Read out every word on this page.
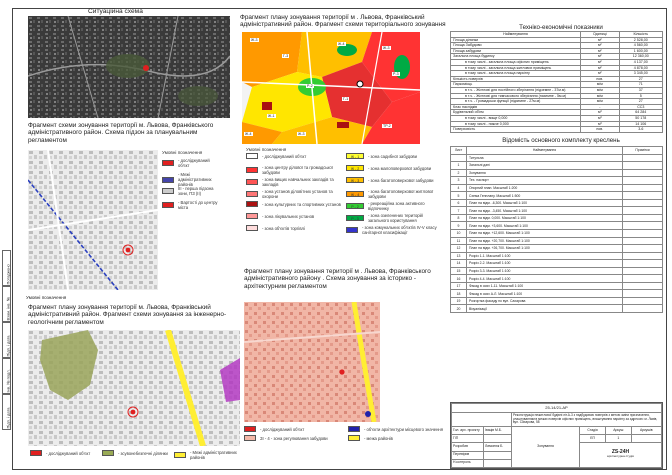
Погоджено
Взам. інв. №
Підп. і дата
Інв. № подл.
Підп. і дата
Ситуаційна схема
Фрагмент плану зонування території м . Львова, Франківський адміністративний район. Фрагмент схеми територіального зонування
Ж-3
Г-3
Р-2
Ж-4
Ж-3
Г-1
Ж-1
Р-3
ТР-2
Ж-3
Ж-4
Умовні позначення
- досліджуваний об'єкт	Ж - 1	- зона садибної забудови
- зона центру ділової та громадської забудови
Ж - 2	- зона малоповерхової забудови
- зона вищих навчальних закладів та закладів
Ж - 3	- зона багатоповерхової забудови
- зона установ діловітних установ та охорони	Ж - 4
- зона багатоповерхової житлової забудови
- зона культурних та спортивних установ
Р - 2
- рекреаційна зона активного відпочинку
- зона лікувальних установ
Р - 3
- зона озеленених територій загального користування
- зона об'єктів торгівлі	- зона комунальних об'єктів IV-V класу санітарної класифікації
Фрагмент схеми зонування території м. Львова, Франківського адміністративного район. Схема підзон за планувальним регламентом
Умовні позначення
- досліджуваний об'єкт
- Межі адміністративних районів
ІІІ - перша підзона зони, ПЗ (ІІ)
- Вартості до центру міста
Умовні позначення
Фрагмент плану зонування території м. Львова, Франківський адміністративний район. Фрагмент схеми зонування за інженерно-геологічним регламентом
- досліджуваний об'єкт	- зсувонебезпечні ділянки	- Межі адміністративних районів
Фрагмент плану зонування території м . Львова, Франківського адміністративного району . Схема зонування за історико - архітектурним регламентом
- досліджуваний об'єкт	- об'єкти архітектури місцевого значення
ЗІ - 4 - зона регулювання забудови	- межа районів
Техніко-економічні показники
Найменування	Одиниці	Кількість
Площа ділянки	м²	2 528,00
Площа Забудови	м²	4 560,00
Площа забудови	м²	1 600,00
Загальна площа будинку	м²	12 360,00
в тому числі - загальна площа офісних приміщень	м²	4 137,00
в тому числі - загальна площа житлових приміщень	м²	4 878,00
в тому числі - загальна площа паркінгу	м²	3 345,00
Кількість поверхів	пов.	27
Паркомісць	м/м	71
в т.ч. - Житлові для постійного зберігання (підземне - 37м.м)	м/м	37
в т.ч. - Житлові для тимчасового зберігання (наземне - 5м.м)	м/м	5
в т.ч. - Громадськи функції (підземне - 27м.м)	м/м	27
Клас наслідків	-	CC3
Будівельний об'єм	м³	64 284
в тому числі - вище 0,000	м³	50 178
в тому числі - нижче 0,000	м³	14 106
Поверховість	пов.	3-6
Відомість основного комплекту креслень
Лист	Найменування	Примітки
	Титульна	
1	Загальні дані	
2	Зонування	
3	Тех. паспорт	
4	Опорний план. Масштаб 1:200	
5	Схема Генплану. Масштаб 1:500	
6	План на відм. -6,300. Масштаб 1:100	
7	План на відм. -3,450. Масштаб 1:100	
8	План на відм. 0,000. Масштаб 1:100	
9	План на відм. +3,600. Масштаб 1:100	
10	План на відм. +12,600. Масштаб 1:100	
11	План на відм. +20,700. Масштаб 1:100	
12	План на відм. +26,700. Масштаб 1:100	
13	Розріз 1-1. Масштаб 1:100	
14	Розріз 2-2. Масштаб 1:100	
15	Розріз 3-3. Масштаб 1:100	
16	Розріз 4-4. Масштаб 1:100	
17	Фасад в осях 1-11. Масштаб 1:100	
18	Фасад в осях А-Л. Масштаб 1:100	
19	Розгортка фасаду по вул. Сахарова	
20	Візуалізації	
25-14/21-АР					
		Реконструкція нежитлової будівлі літ.А-3 з надбудовою поверхів з метою зміни призначення, улаштуванням в межах поверхів офісних приміщень, влаштування паркінгу за адресою: м. Львів, вул. Сахарова, 58			
Гол. арх. проєкту	Іваців М.Б.	Зонування	Стадія	Аркуш	Аркушів
ГІП			ЕП	1	
Розробив	Лимонюк Б.		ZS-24H
архітектурна студія		

Перевірив					
Н.контроль					
